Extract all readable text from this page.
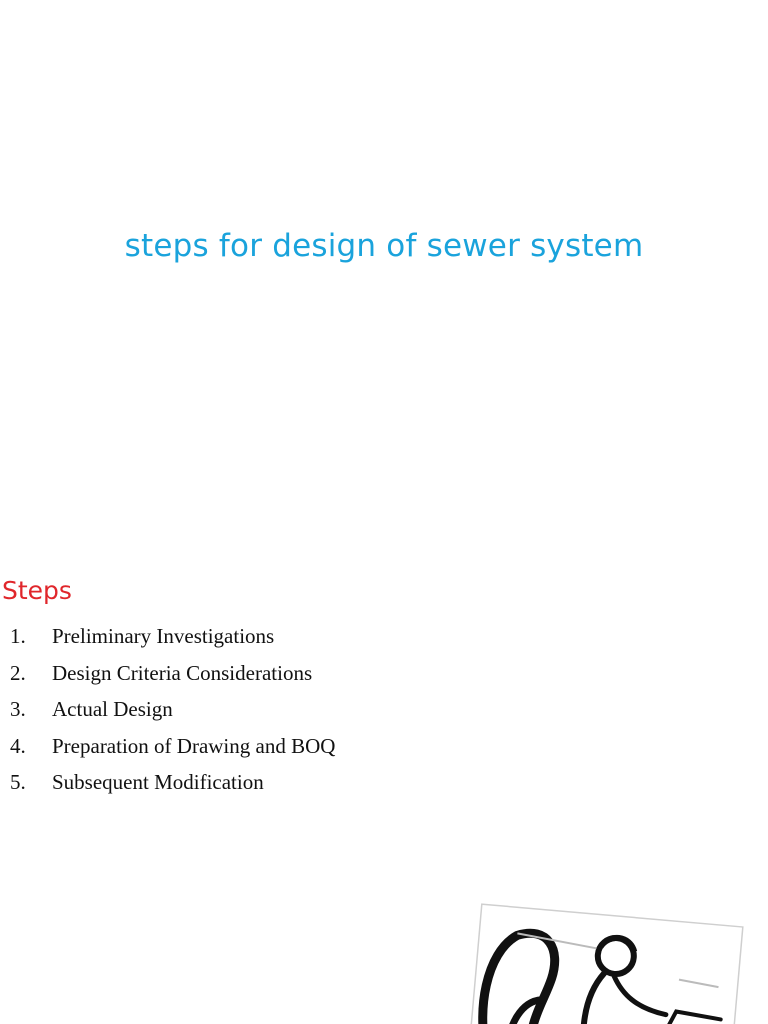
steps for design of sewer system
Steps
1. Preliminary Investigations
2. Design Criteria Considerations
3. Actual Design
4. Preparation of Drawing and BOQ
5. Subsequent Modification
